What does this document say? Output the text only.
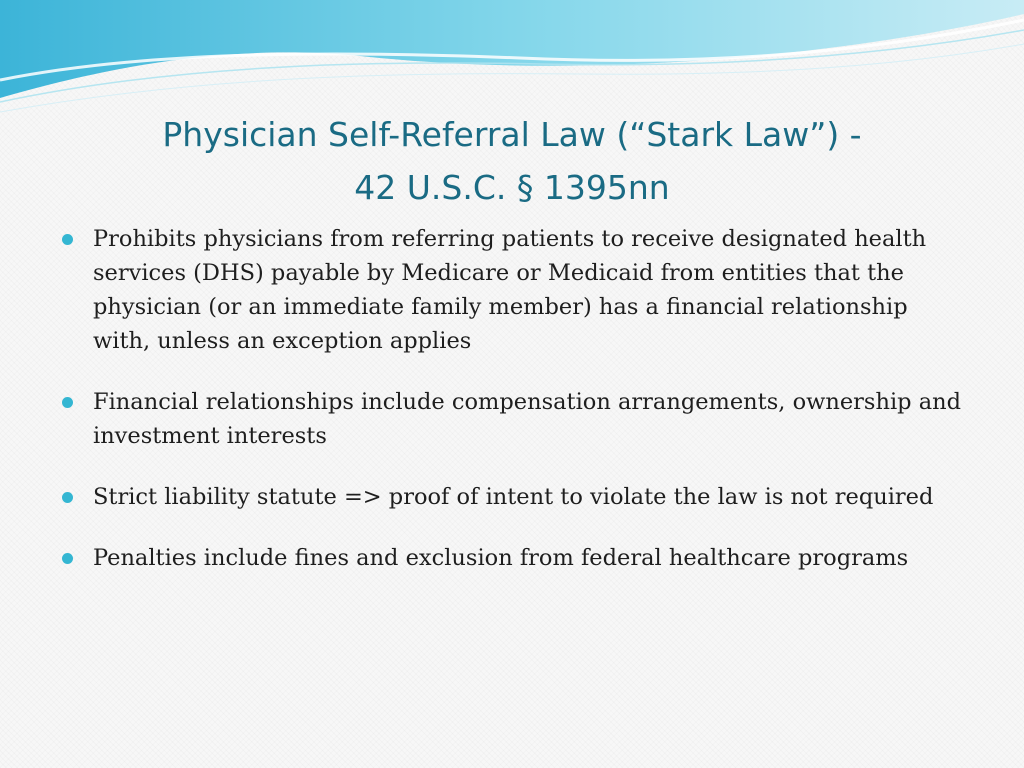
Physician Self-Referral Law (“Stark Law”) -
42 U.S.C. § 1395nn
Prohibits physicians from referring patients to receive designated health services (DHS) payable by Medicare or Medicaid from entities that the physician (or an immediate family member) has a financial relationship with, unless an exception applies
Financial relationships include compensation arrangements, ownership and investment interests
Strict liability statute => proof of intent to violate the law is not required
Penalties include fines and exclusion from federal healthcare programs
